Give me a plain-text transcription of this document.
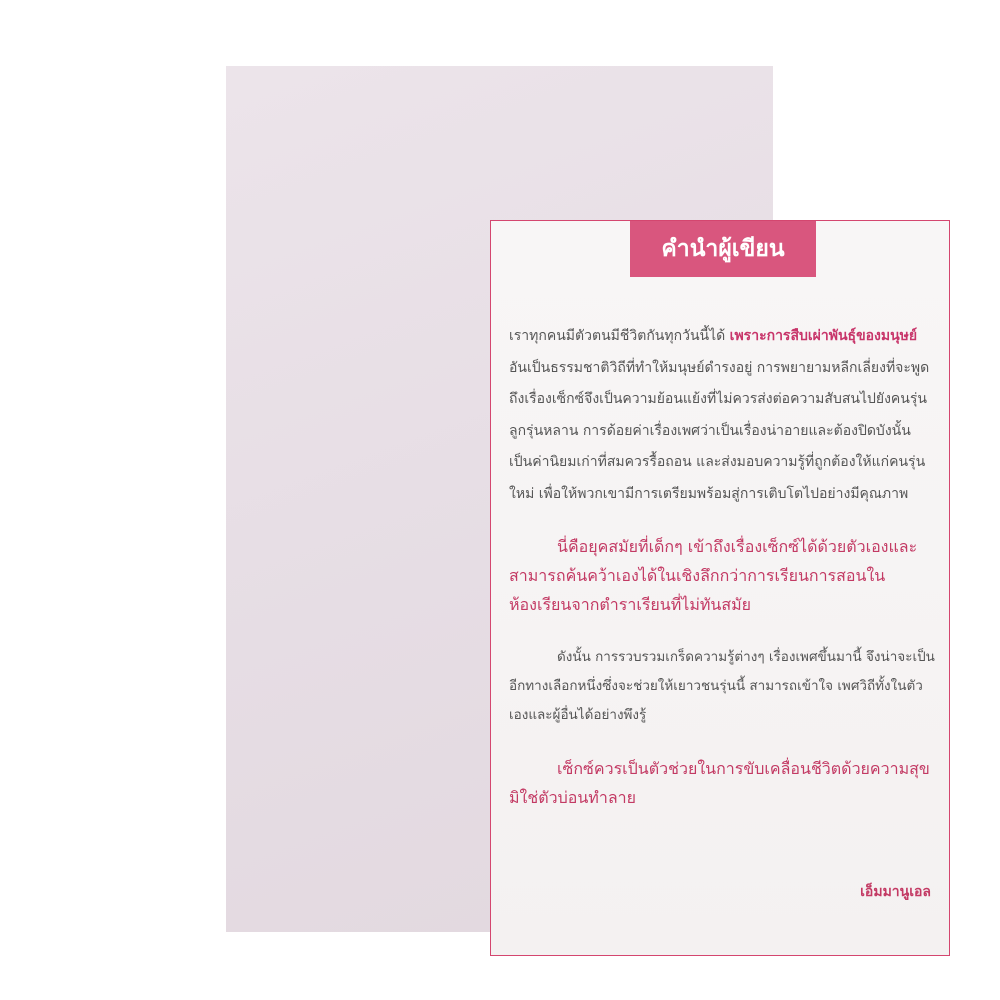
คำนำผู้เขียน

เราทุกคนมีตัวตนมีชีวิตกันทุกวันนี้ได้ เพราะการสืบเผ่าพันธุ์ของมนุษย์ อันเป็นธรรมชาติวิถีที่ทำให้มนุษย์ดำรงอยู่ การพยายามหลีกเลี่ยงที่จะพูดถึงเรื่องเซ็กซ์จึงเป็นความย้อนแย้งที่ไม่ควรส่งต่อความสับสนไปยังคนรุ่นลูกรุ่นหลาน การด้อยค่าเรื่องเพศว่าเป็นเรื่องน่าอายและต้องปิดบังนั้น เป็นค่านิยมเก่าที่สมควรรื้อถอน และส่งมอบความรู้ที่ถูกต้องให้แก่คนรุ่นใหม่ เพื่อให้พวกเขามีการเตรียมพร้อมสู่การเติบโตไปอย่างมีคุณภาพ

นี่คือยุคสมัยที่เด็กๆ เข้าถึงเรื่องเซ็กซ์ได้ด้วยตัวเองและสามารถค้นคว้าเองได้ในเชิงลึกกว่าการเรียนการสอนในห้องเรียนจากตำราเรียนที่ไม่ทันสมัย

ดังนั้น การรวบรวมเกร็ดความรู้ต่างๆ เรื่องเพศขึ้นมานี้ จึงน่าจะเป็นอีกทางเลือกหนึ่งซึ่งจะช่วยให้เยาวชนรุ่นนี้ สามารถเข้าใจ เพศวิถีทั้งในตัวเองและผู้อื่นได้อย่างพึงรู้

เซ็กซ์ควรเป็นตัวช่วยในการขับเคลื่อนชีวิตด้วยความสุข มิใช่ตัวบ่อนทำลาย

เอ็มมานูเอล
